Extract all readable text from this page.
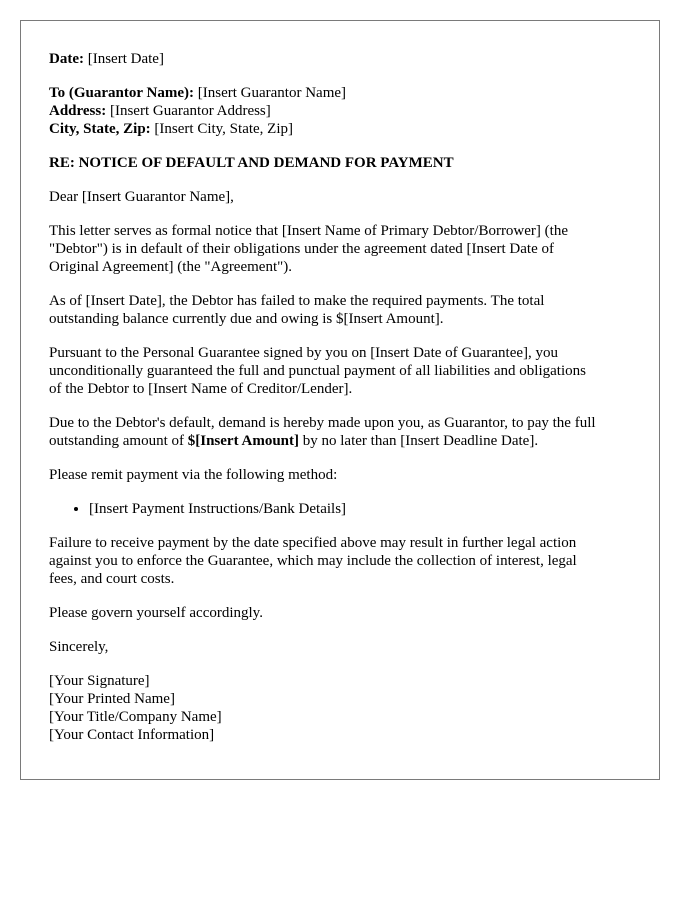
Date: [Insert Date]
To (Guarantor Name): [Insert Guarantor Name]
Address: [Insert Guarantor Address]
City, State, Zip: [Insert City, State, Zip]
RE: NOTICE OF DEFAULT AND DEMAND FOR PAYMENT

Dear [Insert Guarantor Name],

This letter serves as formal notice that [Insert Name of Primary Debtor/Borrower] (the
"Debtor") is in default of their obligations under the agreement dated [Insert Date of
Original Agreement] (the "Agreement").

As of [Insert Date], the Debtor has failed to make the required payments. The total
outstanding balance currently due and owing is $[Insert Amount].

Pursuant to the Personal Guarantee signed by you on [Insert Date of Guarantee], you
unconditionally guaranteed the full and punctual payment of all liabilities and obligations
of the Debtor to [Insert Name of Creditor/Lender].

Due to the Debtor's default, demand is hereby made upon you, as Guarantor, to pay the full
outstanding amount of $[Insert Amount] by no later than [Insert Deadline Date].

Please remit payment via the following method:

• [Insert Payment Instructions/Bank Details]

Failure to receive payment by the date specified above may result in further legal action
against you to enforce the Guarantee, which may include the collection of interest, legal
fees, and court costs.

Please govern yourself accordingly.

Sincerely,

[Your Signature]
[Your Printed Name]
[Your Title/Company Name]
[Your Contact Information]
